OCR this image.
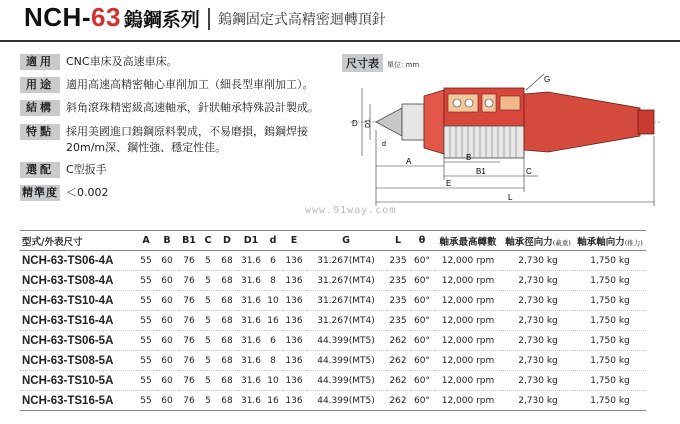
NCH-63 鎢鋼系列 鎢鋼固定式高精密迴轉頂針
適用	CNC車床及高速車床。
用途	適用高速高精密軸心車削加工（細長型車削加工）。
結構	斜角滾珠精密級高速軸承，針狀軸承特殊設計製成。
特點	採用美國進口鎢鋼原料製成，不易磨損，鎢鋼焊接20m/m深、鋼性強、穩定性佳。
選配	C型扳手
精準度 ＜0.002
尺寸表	單位: mm
G
D D1
A	B
B1	C
E
L
d
www.91way.com
型式/外表尺寸	A	B	B1	C	D	D1	d	E	G	L	θ	軸承最高轉數	軸承徑向力(載重)	軸承軸向力(推力)
NCH-63-TS06-4A	55	60	76	5	68	31.6	6	136	31.267(MT4)	235	60°	12,000 rpm	2,730 kg	1,750 kg
NCH-63-TS08-4A	55	60	76	5	68	31.6	8	136	31.267(MT4)	235	60°	12,000 rpm	2,730 kg	1,750 kg
NCH-63-TS10-4A	55	60	76	5	68	31.6	10	136	31.267(MT4)	235	60°	12,000 rpm	2,730 kg	1,750 kg
NCH-63-TS16-4A	55	60	76	5	68	31.6	16	136	31.267(MT4)	235	60°	12,000 rpm	2,730 kg	1,750 kg
NCH-63-TS06-5A	55	60	76	5	68	31.6	6	136	44.399(MT5)	262	60°	12,000 rpm	2,730 kg	1,750 kg
NCH-63-TS08-5A	55	60	76	5	68	31.6	8	136	44.399(MT5)	262	60°	12,000 rpm	2,730 kg	1,750 kg
NCH-63-TS10-5A	55	60	76	5	68	31.6	10	136	44.399(MT5)	262	60°	12,000 rpm	2,730 kg	1,750 kg
NCH-63-TS16-5A	55	60	76	5	68	31.6	16	136	44.399(MT5)	262	60°	12,000 rpm	2,730 kg	1,750 kg
